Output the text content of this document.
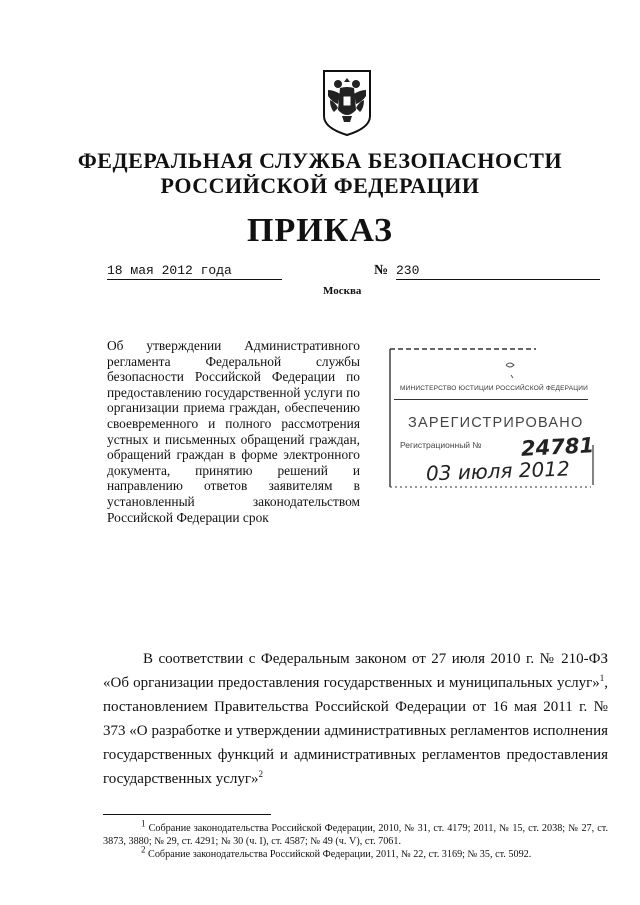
ФЕДЕРАЛЬНАЯ СЛУЖБА БЕЗОПАСНОСТИ
РОССИЙСКОЙ ФЕДЕРАЦИИ
ПРИКАЗ
18 мая 2012 года	№ 230
Москва
Об утверждении Административного регламента Федеральной службы безопасности Российской Федерации по предоставлению государственной услуги по организации приема граждан, обеспечению своевременного и полного рассмотрения устных и письменных обращений граждан, обращений граждан в форме электронного документа, принятию решений и направлению ответов заявителям в установленный законодательством Российской Федерации срок
МИНИСТЕРСТВО ЮСТИЦИИ РОССИЙСКОЙ ФЕДЕРАЦИИ
ЗАРЕГИСТРИРОВАНО
Регистрационный № 24781
03 июля 2012
В соответствии с Федеральным законом от 27 июля 2010 г. № 210-ФЗ «Об организации предоставления государственных и муниципальных услуг»$^1$, постановлением Правительства Российской Федерации от 16 мая 2011 г. № 373 «О разработке и утверждении административных регламентов исполнения государственных функций и административных регламентов предоставления государственных услуг»$^2$
$^1$ Собрание законодательства Российской Федерации, 2010, № 31, ст. 4179; 2011, № 15, ст. 2038; № 27, ст. 3873, 3880; № 29, ст. 4291; № 30 (ч. I), ст. 4587; № 49 (ч. V), ст. 7061.
$^2$ Собрание законодательства Российской Федерации, 2011, № 22, ст. 3169; № 35, ст. 5092.
